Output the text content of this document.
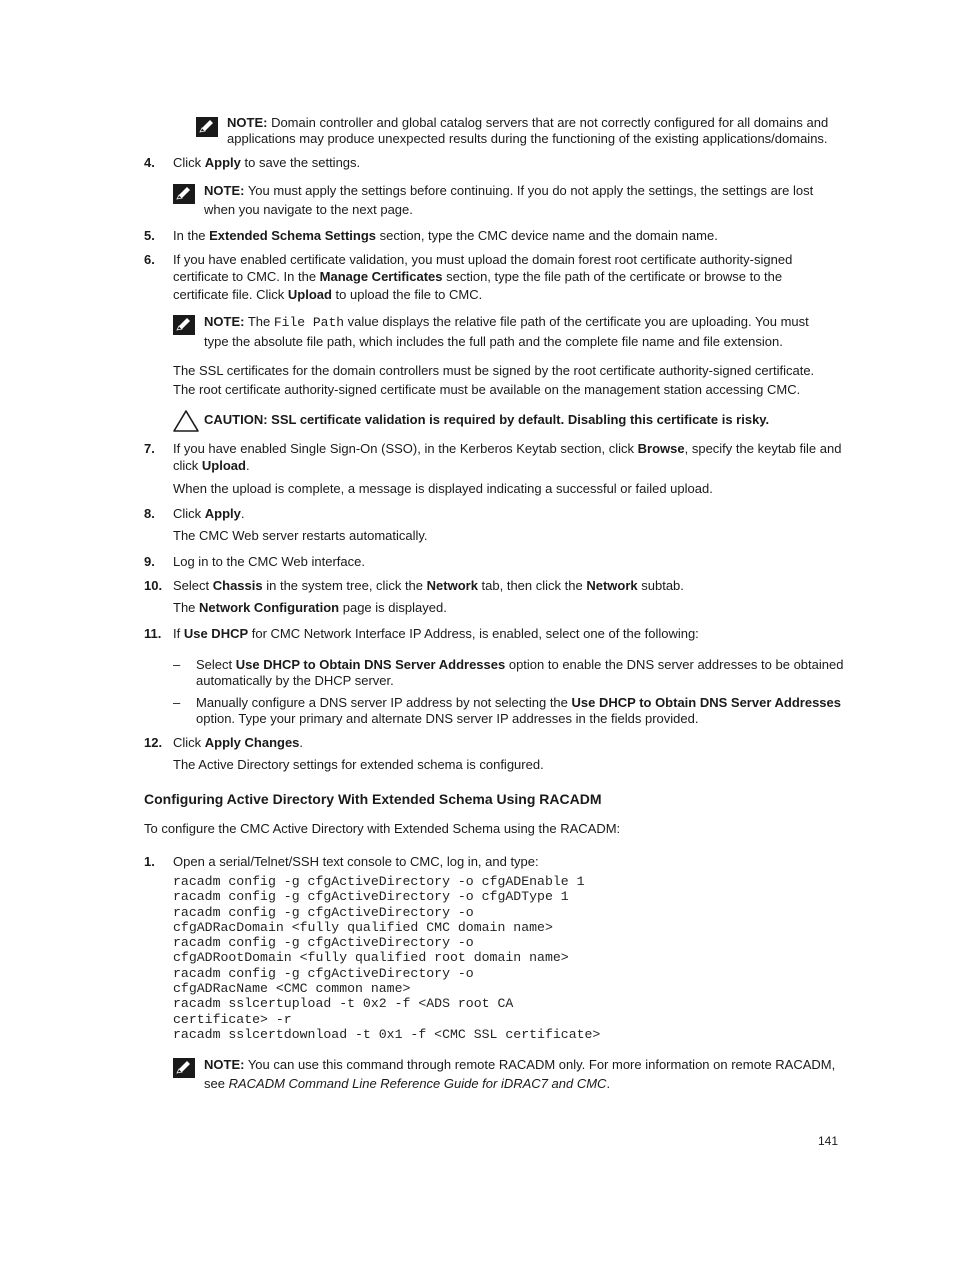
NOTE: Domain controller and global catalog servers that are not correctly configured for all domains and
applications may produce unexpected results during the functioning of the existing applications/domains.
4. Click Apply to save the settings.
NOTE: You must apply the settings before continuing. If you do not apply the settings, the settings are lost
when you navigate to the next page.
5. In the Extended Schema Settings section, type the CMC device name and the domain name.
6. If you have enabled certificate validation, you must upload the domain forest root certificate authority-signed
certificate to CMC. In the Manage Certificates section, type the file path of the certificate or browse to the
certificate file. Click Upload to upload the file to CMC.
NOTE: The File Path value displays the relative file path of the certificate you are uploading. You must
type the absolute file path, which includes the full path and the complete file name and file extension.
The SSL certificates for the domain controllers must be signed by the root certificate authority-signed certificate.
The root certificate authority-signed certificate must be available on the management station accessing CMC.
CAUTION: SSL certificate validation is required by default. Disabling this certificate is risky.
7. If you have enabled Single Sign-On (SSO), in the Kerberos Keytab section, click Browse, specify the keytab file and
click Upload.
When the upload is complete, a message is displayed indicating a successful or failed upload.
8. Click Apply.
The CMC Web server restarts automatically.
9. Log in to the CMC Web interface.
10. Select Chassis in the system tree, click the Network tab, then click the Network subtab.
The Network Configuration page is displayed.
11. If Use DHCP for CMC Network Interface IP Address, is enabled, select one of the following:
– Select Use DHCP to Obtain DNS Server Addresses option to enable the DNS server addresses to be obtained
automatically by the DHCP server.
– Manually configure a DNS server IP address by not selecting the Use DHCP to Obtain DNS Server Addresses
option. Type your primary and alternate DNS server IP addresses in the fields provided.
12. Click Apply Changes.
The Active Directory settings for extended schema is configured.
Configuring Active Directory With Extended Schema Using RACADM
To configure the CMC Active Directory with Extended Schema using the RACADM:
1. Open a serial/Telnet/SSH text console to CMC, log in, and type:
racadm config -g cfgActiveDirectory -o cfgADEnable 1
racadm config -g cfgActiveDirectory -o cfgADType 1
racadm config -g cfgActiveDirectory -o
cfgADRacDomain <fully qualified CMC domain name>
racadm config -g cfgActiveDirectory -o
cfgADRootDomain <fully qualified root domain name>
racadm config -g cfgActiveDirectory -o
cfgADRacName <CMC common name>
racadm sslcertupload -t 0x2 -f <ADS root CA
certificate> -r
racadm sslcertdownload -t 0x1 -f <CMC SSL certificate>
NOTE: You can use this command through remote RACADM only. For more information on remote RACADM,
see RACADM Command Line Reference Guide for iDRAC7 and CMC.
141
